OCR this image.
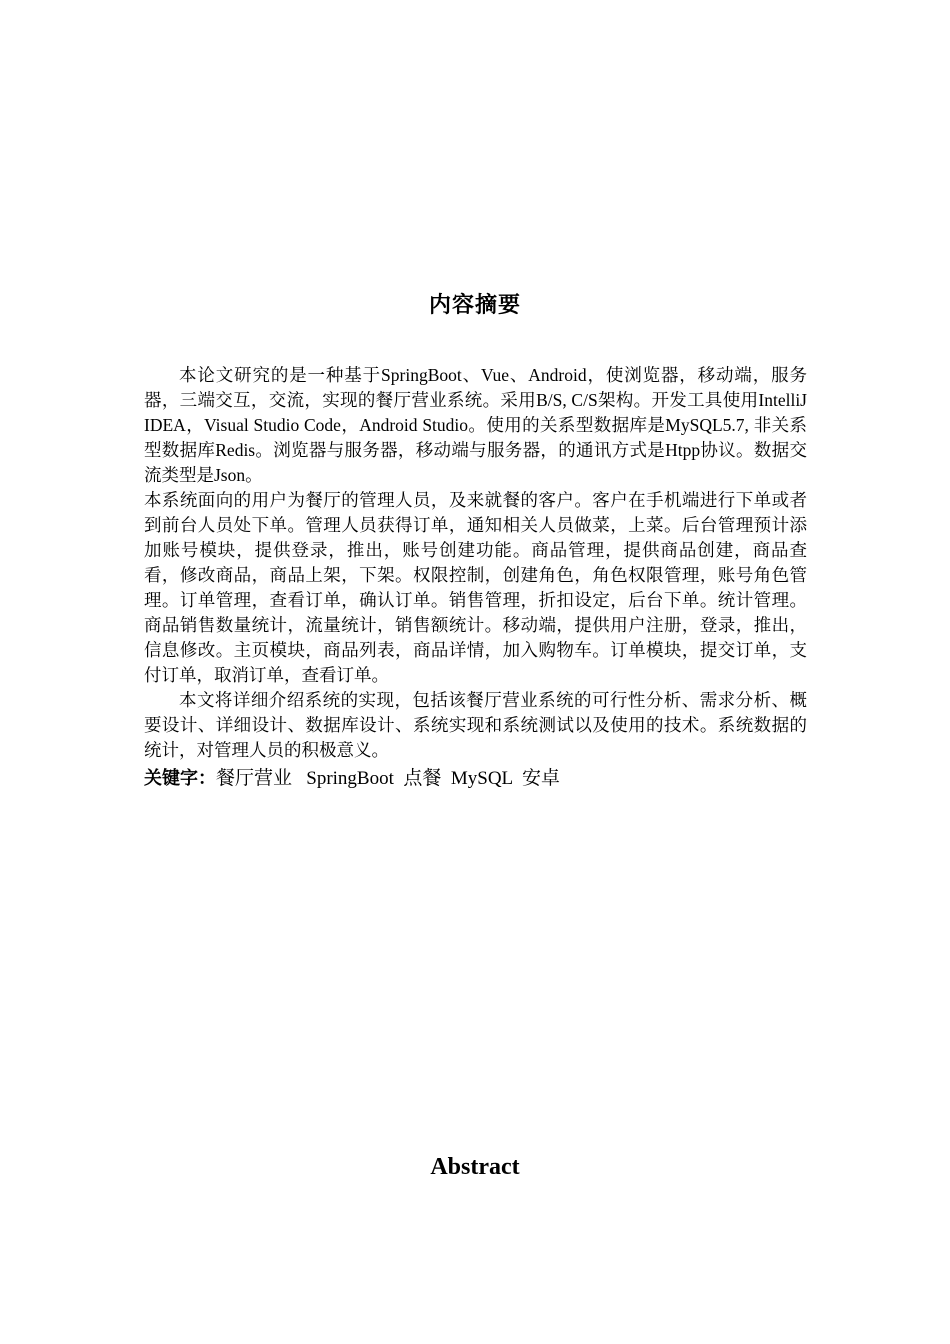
内容摘要

本论文研究的是一种基于SpringBoot、Vue、Android，使浏览器，移动端，服务器，三端交互，交流，实现的餐厅营业系统。采用B/S, C/S架构。开发工具使用IntelliJ IDEA，Visual Studio Code，Android Studio。使用的关系型数据库是MySQL5.7, 非关系型数据库Redis。浏览器与服务器，移动端与服务器，的通讯方式是Htpp协议。数据交流类型是Json。

本系统面向的用户为餐厅的管理人员，及来就餐的客户。客户在手机端进行下单或者到前台人员处下单。管理人员获得订单，通知相关人员做菜，上菜。后台管理预计添加账号模块，提供登录，推出，账号创建功能。商品管理，提供商品创建，商品查看，修改商品，商品上架，下架。权限控制，创建角色，角色权限管理，账号角色管理。订单管理，查看订单，确认订单。销售管理，折扣设定，后台下单。统计管理。商品销售数量统计，流量统计，销售额统计。移动端，提供用户注册，登录，推出，信息修改。主页模块，商品列表，商品详情，加入购物车。订单模块，提交订单，支付订单，取消订单，查看订单。

本文将详细介绍系统的实现，包括该餐厅营业系统的可行性分析、需求分析、概要设计、详细设计、数据库设计、系统实现和系统测试以及使用的技术。系统数据的统计，对管理人员的积极意义。

关键字：餐厅营业   SpringBoot  点餐  MySQL  安卓
Abstract
